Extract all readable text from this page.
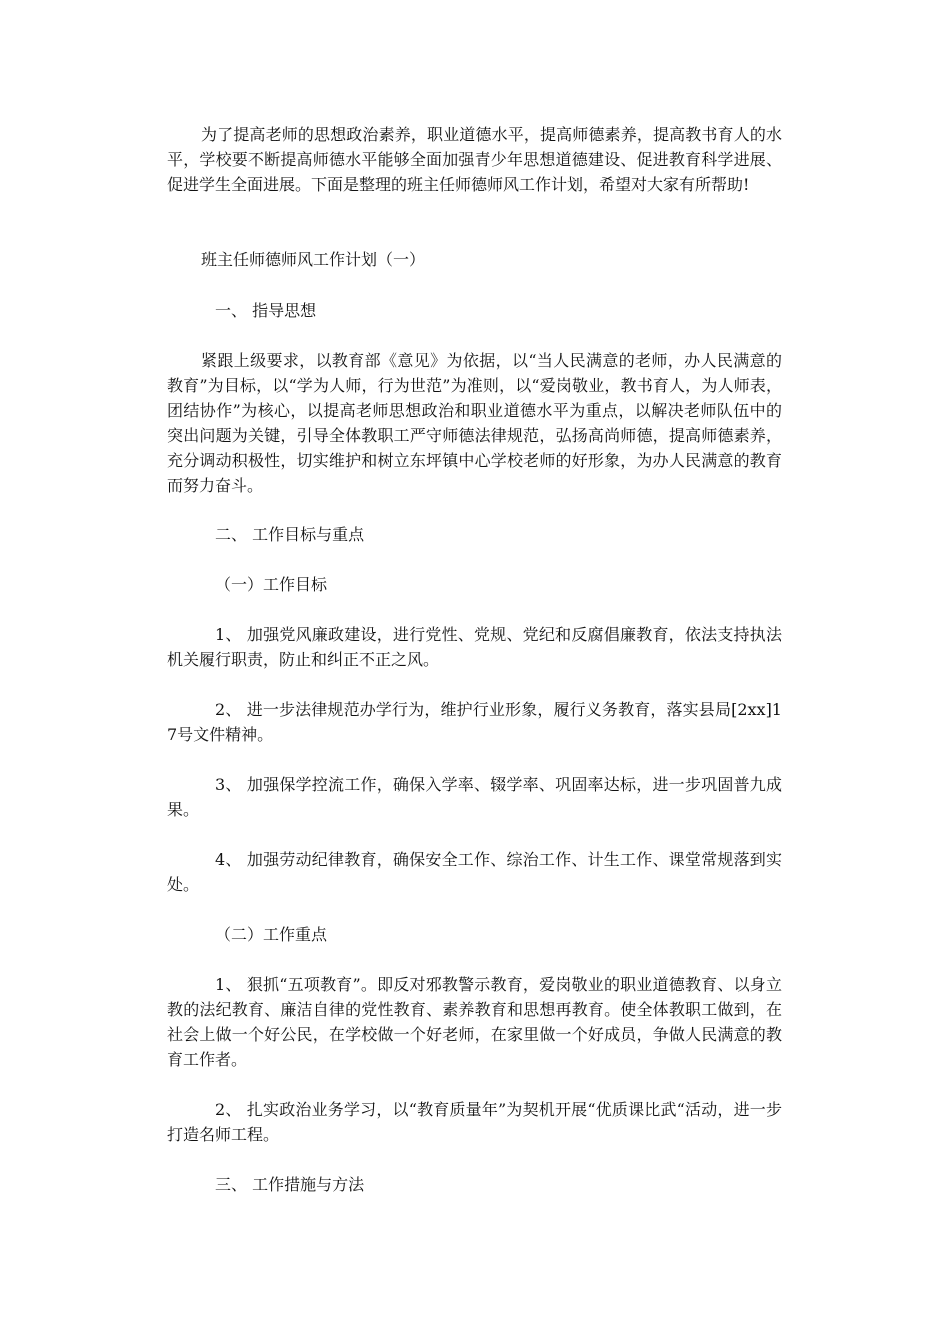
为了提高老师的思想政治素养，职业道德水平，提高师德素养，提高教书育人的水平，学校要不断提高师德水平能够全面加强青少年思想道德建设、促进教育科学进展、促进学生全面进展。下面是整理的班主任师德师风工作计划，希望对大家有所帮助!

班主任师德师风工作计划（一）

一、 指导思想

紧跟上级要求，以教育部《意见》为依据，以“当人民满意的老师，办人民满意的教育”为目标，以“学为人师，行为世范”为准则，以“爱岗敬业，教书育人，为人师表，团结协作”为核心，以提高老师思想政治和职业道德水平为重点，以解决老师队伍中的突出问题为关键，引导全体教职工严守师德法律规范，弘扬高尚师德，提高师德素养，充分调动积极性，切实维护和树立东坪镇中心学校老师的好形象，为办人民满意的教育而努力奋斗。

二、 工作目标与重点

（一）工作目标

1、 加强党风廉政建设，进行党性、党规、党纪和反腐倡廉教育，依法支持执法机关履行职责，防止和纠正不正之风。

2、 进一步法律规范办学行为，维护行业形象，履行义务教育，落实县局[2xx]17号文件精神。

3、 加强保学控流工作，确保入学率、辍学率、巩固率达标，进一步巩固普九成果。

4、 加强劳动纪律教育，确保安全工作、综治工作、计生工作、课堂常规落到实处。

（二）工作重点

1、 狠抓“五项教育”。即反对邪教警示教育，爱岗敬业的职业道德教育、以身立教的法纪教育、廉洁自律的党性教育、素养教育和思想再教育。使全体教职工做到，在社会上做一个好公民，在学校做一个好老师，在家里做一个好成员，争做人民满意的教育工作者。

2、 扎实政治业务学习，以“教育质量年”为契机开展“优质课比武“活动，进一步打造名师工程。

三、 工作措施与方法
